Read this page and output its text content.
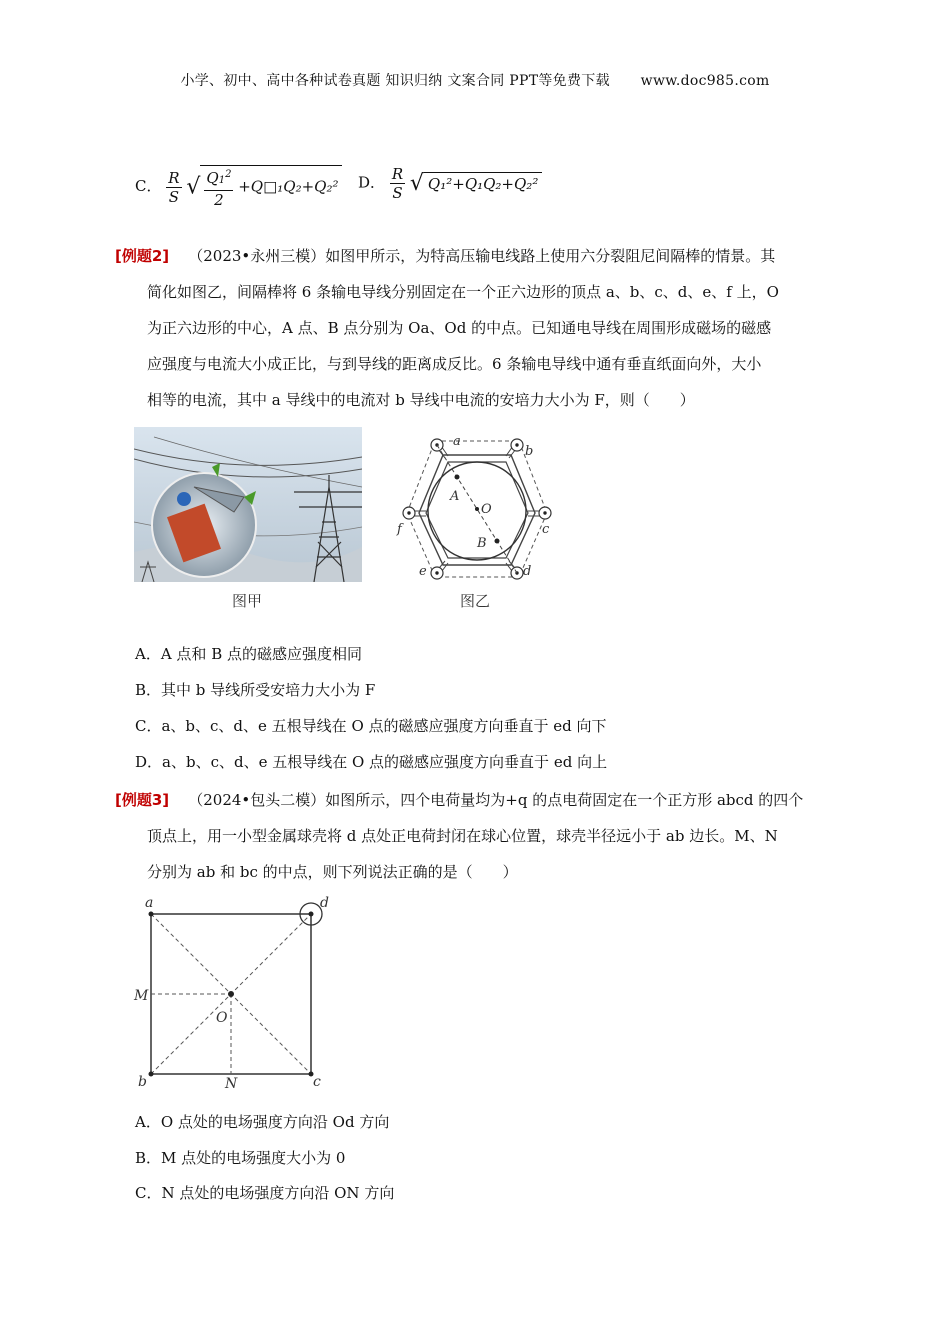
小学、初中、高中各种试卷真题 知识归纳 文案合同 PPT等免费下载 www.doc985.com
C． $\frac{R}{S}$ √ $\frac{Q1^2}{2}$ +Q□₁Q₂+Q₂² D． $\frac{R}{S}$ √ Q₁²+Q₁Q₂+Q₂²
[例题2] （2023•永州三模）如图甲所示，为特高压输电线路上使用六分裂阻尼间隔棒的情景。其
简化如图乙，间隔棒将 6 条输电导线分别固定在一个正六边形的顶点 a、b、c、d、e、f 上，O
为正六边形的中心，A 点、B 点分别为 Oa、Od 的中点。已知通电导线在周围形成磁场的磁感
应强度与电流大小成正比，与到导线的距离成反比。6 条输电导线中通有垂直纸面向外，大小
相等的电流，其中 a 导线中的电流对 b 导线中电流的安培力大小为 F，则（　　）
图甲
a
b
c
d
e
f
A
O
B
图乙
A．A 点和 B 点的磁感应强度相同
B．其中 b 导线所受安培力大小为 F
C．a、b、c、d、e 五根导线在 O 点的磁感应强度方向垂直于 ed 向下
D．a、b、c、d、e 五根导线在 O 点的磁感应强度方向垂直于 ed 向上
[例题3] （2024•包头二模）如图所示，四个电荷量均为+q 的点电荷固定在一个正方形 abcd 的四个
顶点上，用一小型金属球壳将 d 点处正电荷封闭在球心位置，球壳半径远小于 ab 边长。M、N
分别为 ab 和 bc 的中点，则下列说法正确的是（　　）
a
b	c
d
M
N
O
A．O 点处的电场强度方向沿 Od 方向
B．M 点处的电场强度大小为 0
C．N 点处的电场强度方向沿 ON 方向
